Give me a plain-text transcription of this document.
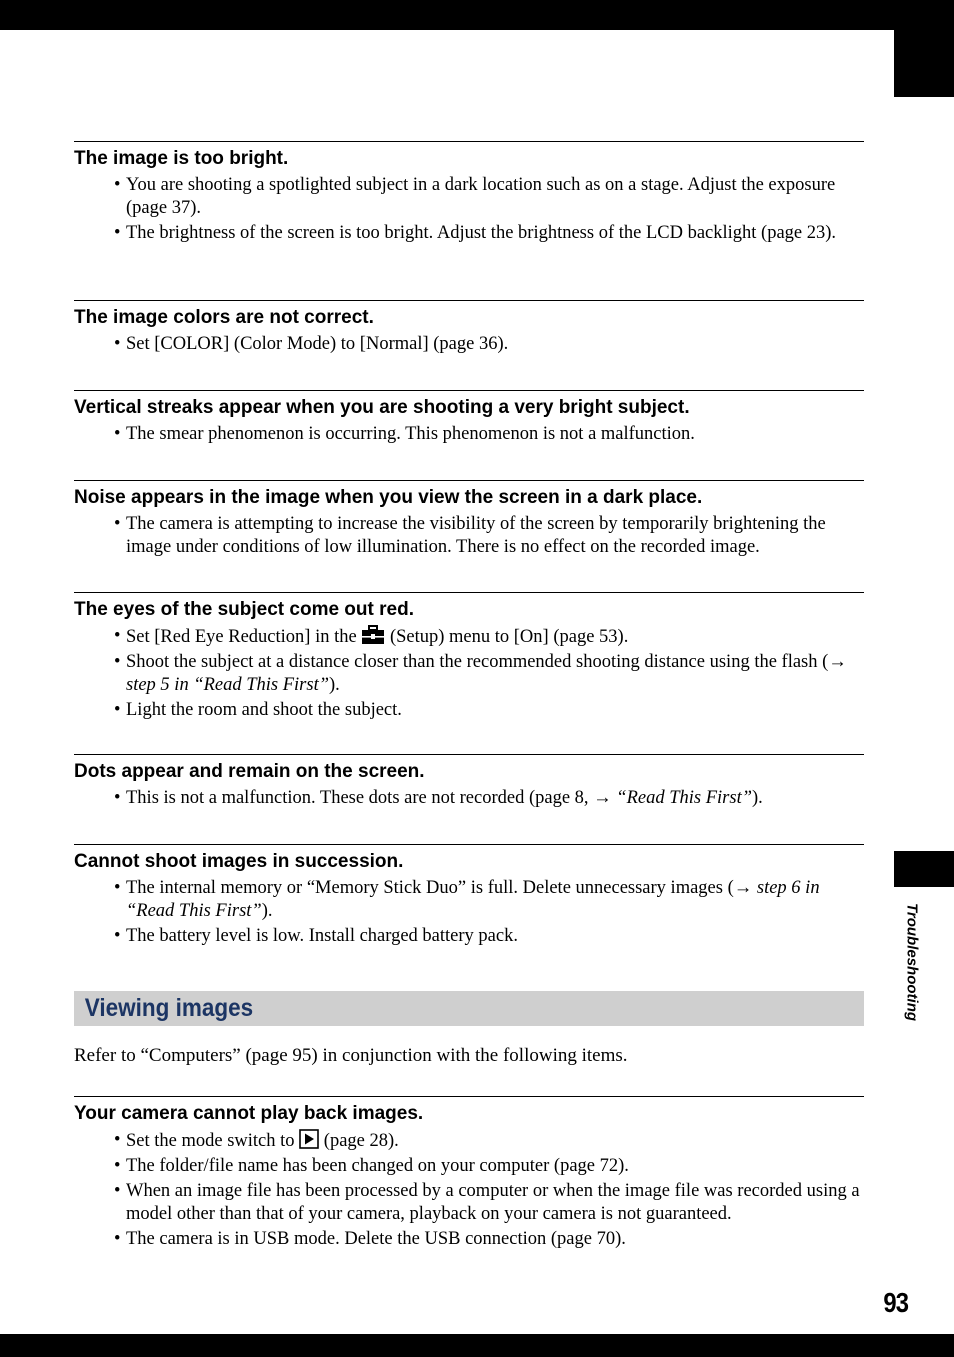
Troubleshooting
The image is too bright.
• You are shooting a spotlighted subject in a dark location such as on a stage. Adjust the exposure (page 37).
• The brightness of the screen is too bright. Adjust the brightness of the LCD backlight (page 23).
The image colors are not correct.
• Set [COLOR] (Color Mode) to [Normal] (page 36).
Vertical streaks appear when you are shooting a very bright subject.
• The smear phenomenon is occurring. This phenomenon is not a malfunction.
Noise appears in the image when you view the screen in a dark place.
• The camera is attempting to increase the visibility of the screen by temporarily brightening the image under conditions of low illumination. There is no effect on the recorded image.
The eyes of the subject come out red.
• Set [Red Eye Reduction] in the (Setup) menu to [On] (page 53).
• Shoot the subject at a distance closer than the recommended shooting distance using the flash (→ step 5 in “Read This First”).
• Light the room and shoot the subject.
Dots appear and remain on the screen.
• This is not a malfunction. These dots are not recorded (page 8, → “Read This First”).
Cannot shoot images in succession.
• The internal memory or “Memory Stick Duo” is full. Delete unnecessary images (→ step 6 in “Read This First”).
• The battery level is low. Install charged battery pack.
Viewing images
Refer to “Computers” (page 95) in conjunction with the following items.
Your camera cannot play back images.
• Set the mode switch to (page 28).
• The folder/file name has been changed on your computer (page 72).
• When an image file has been processed by a computer or when the image file was recorded using a model other than that of your camera, playback on your camera is not guaranteed.
• The camera is in USB mode. Delete the USB connection (page 70).
93
